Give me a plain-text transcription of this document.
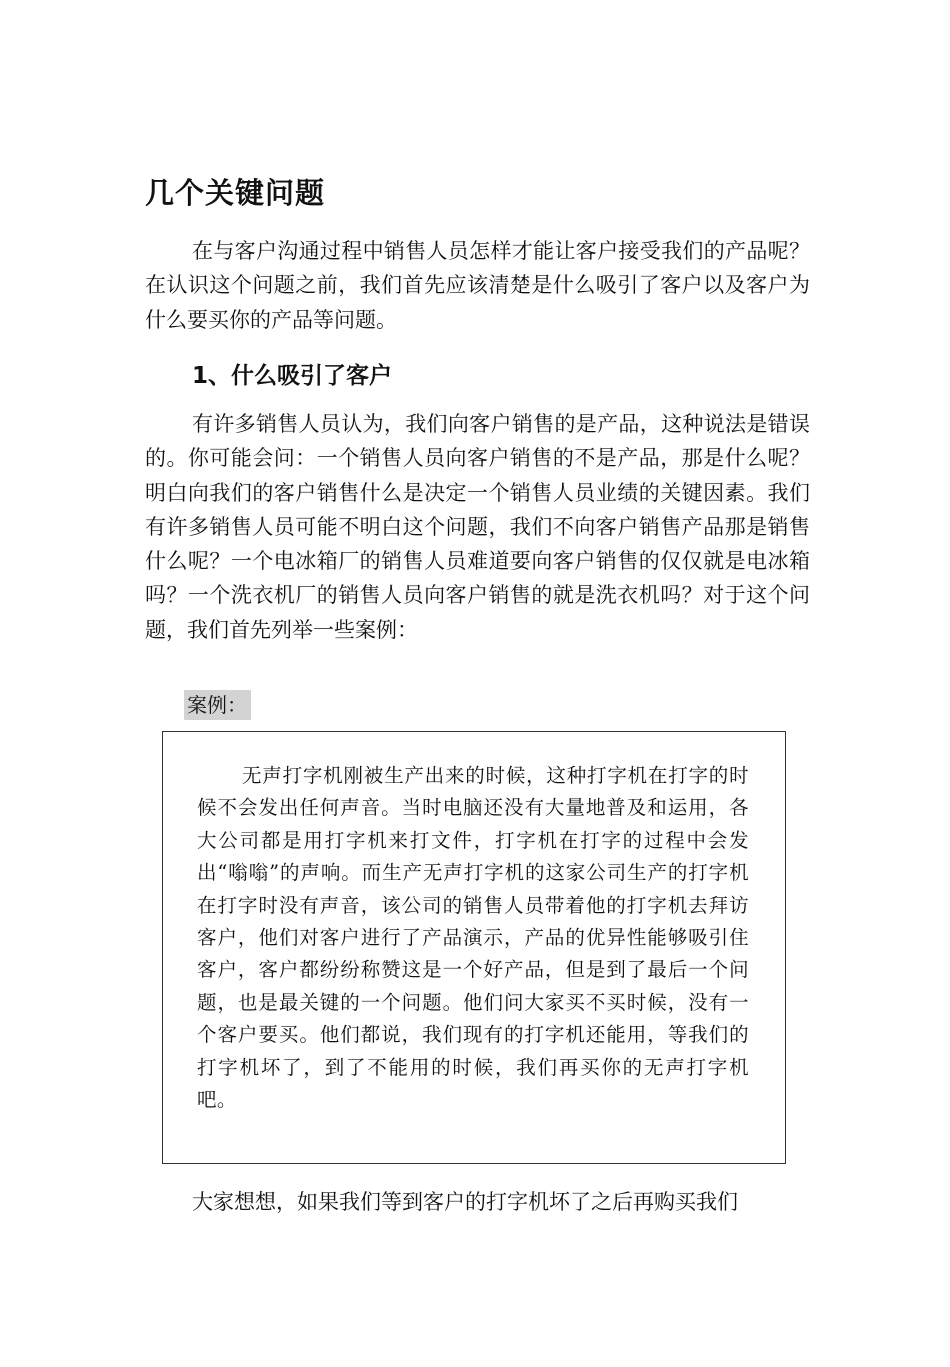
几个关键问题

在与客户沟通过程中销售人员怎样才能让客户接受我们的产品呢？在认识这个问题之前，我们首先应该清楚是什么吸引了客户以及客户为什么要买你的产品等问题。

1、什么吸引了客户

有许多销售人员认为，我们向客户销售的是产品，这种说法是错误的。你可能会问：一个销售人员向客户销售的不是产品，那是什么呢？明白向我们的客户销售什么是决定一个销售人员业绩的关键因素。我们有许多销售人员可能不明白这个问题，我们不向客户销售产品那是销售什么呢？一个电冰箱厂的销售人员难道要向客户销售的仅仅就是电冰箱吗？一个洗衣机厂的销售人员向客户销售的就是洗衣机吗？对于这个问题，我们首先列举一些案例：

案例：

无声打字机刚被生产出来的时候，这种打字机在打字的时候不会发出任何声音。当时电脑还没有大量地普及和运用，各大公司都是用打字机来打文件，打字机在打字的过程中会发出“嗡嗡”的声响。而生产无声打字机的这家公司生产的打字机在打字时没有声音，该公司的销售人员带着他的打字机去拜访客户，他们对客户进行了产品演示，产品的优异性能够吸引住客户，客户都纷纷称赞这是一个好产品，但是到了最后一个问题，也是最关键的一个问题。他们问大家买不买时候，没有一个客户要买。他们都说，我们现有的打字机还能用，等我们的打字机坏了，到了不能用的时候，我们再买你的无声打字机吧。

大家想想，如果我们等到客户的打字机坏了之后再购买我们
